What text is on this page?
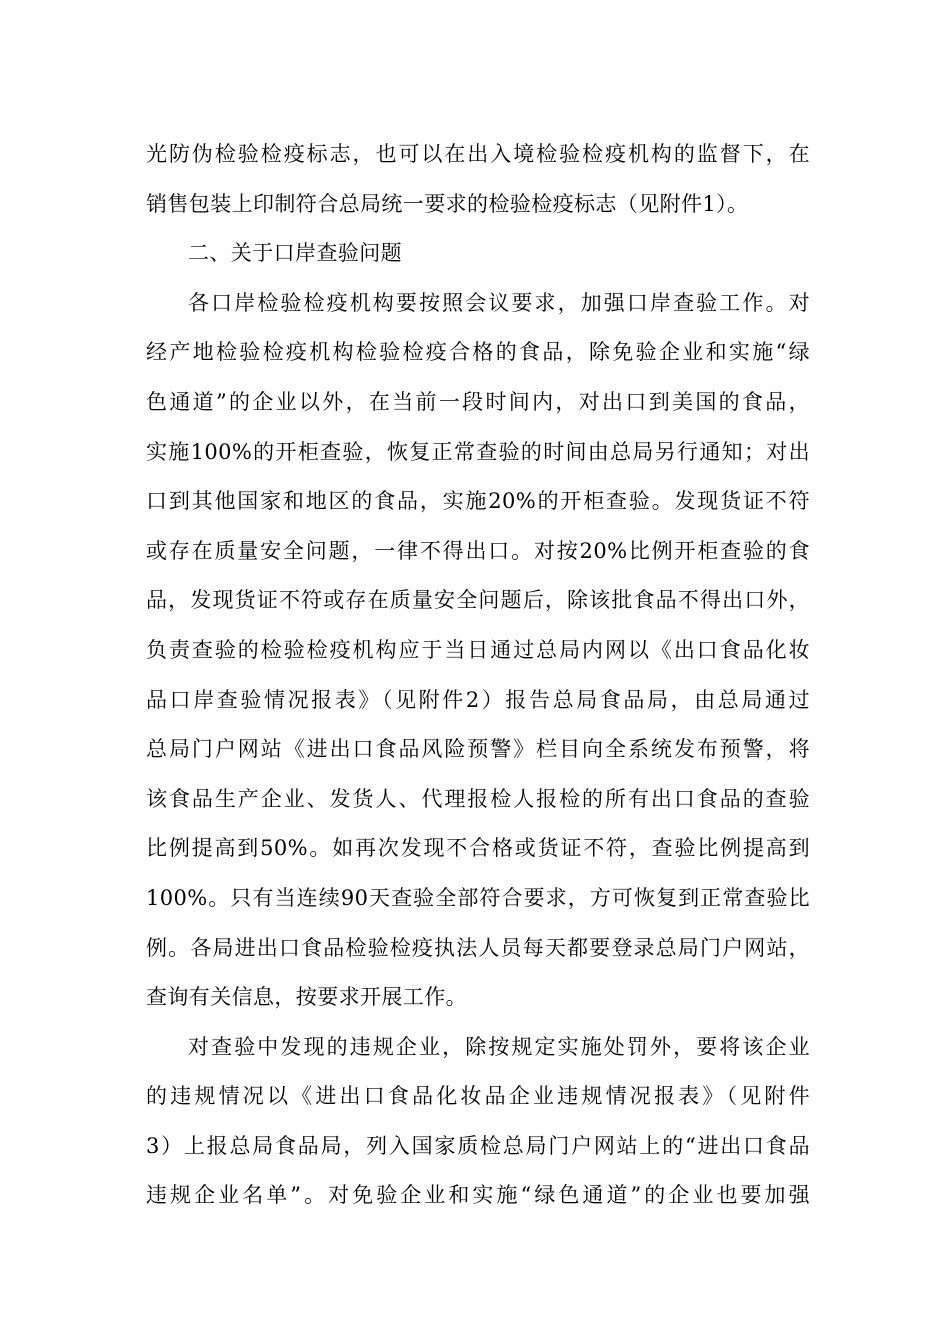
光防伪检验检疫标志，也可以在出入境检验检疫机构的监督下，在
销售包装上印制符合总局统一要求的检验检疫标志（见附件1）。
二、关于口岸查验问题
各口岸检验检疫机构要按照会议要求，加强口岸查验工作。对
经产地检验检疫机构检验检疫合格的食品，除免验企业和实施“绿
色通道”的企业以外，在当前一段时间内，对出口到美国的食品，
实施100%的开柜查验，恢复正常查验的时间由总局另行通知；对出
口到其他国家和地区的食品，实施20%的开柜查验。发现货证不符
或存在质量安全问题，一律不得出口。对按20%比例开柜查验的食
品，发现货证不符或存在质量安全问题后，除该批食品不得出口外，
负责查验的检验检疫机构应于当日通过总局内网以《出口食品化妆
品口岸查验情况报表》（见附件2）报告总局食品局，由总局通过
总局门户网站《进出口食品风险预警》栏目向全系统发布预警，将
该食品生产企业、发货人、代理报检人报检的所有出口食品的查验
比例提高到50%。如再次发现不合格或货证不符，查验比例提高到
100%。只有当连续90天查验全部符合要求，方可恢复到正常查验比
例。各局进出口食品检验检疫执法人员每天都要登录总局门户网站，
查询有关信息，按要求开展工作。
对查验中发现的违规企业，除按规定实施处罚外，要将该企业
的违规情况以《进出口食品化妆品企业违规情况报表》（见附件
3）上报总局食品局，列入国家质检总局门户网站上的“进出口食品
违规企业名单”。对免验企业和实施“绿色通道”的企业也要加强
